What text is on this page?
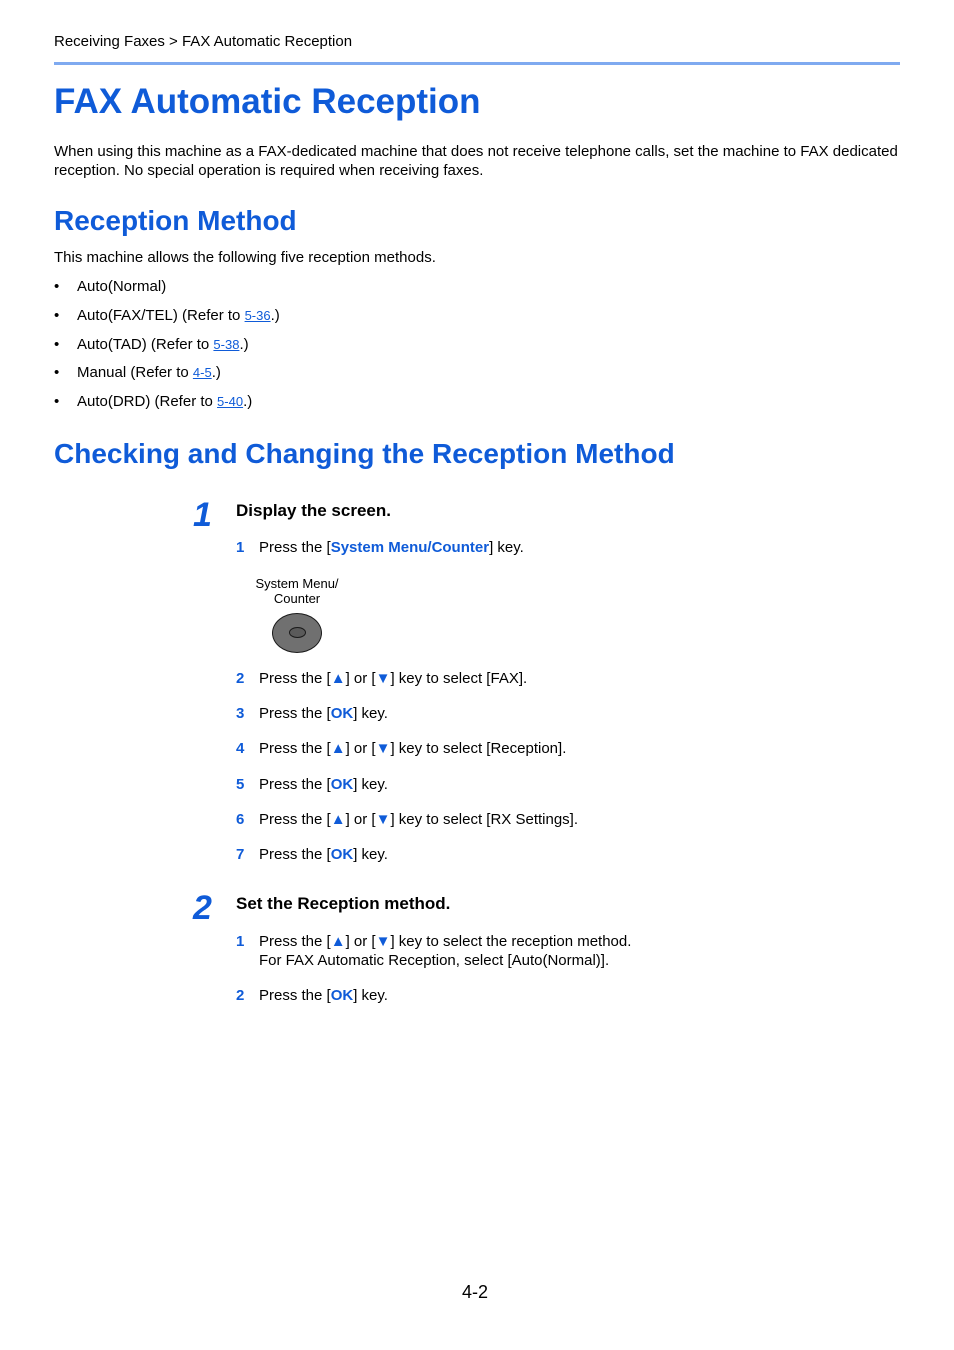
Receiving Faxes > FAX Automatic Reception
FAX Automatic Reception

When using this machine as a FAX-dedicated machine that does not receive telephone calls, set the machine to FAX dedicated reception. No special operation is required when receiving faxes.

Reception Method

This machine allows the following five reception methods.

•	Auto(Normal)
•	Auto(FAX/TEL) (Refer to 5-36.)
•	Auto(TAD) (Refer to 5-38.)
•	Manual (Refer to 4-5.)
•	Auto(DRD) (Refer to 5-40.)
Checking and Changing the Reception Method
1 Display the screen.
1 Press the [System Menu/Counter] key.
System Menu/
Counter
2 Press the [▲] or [▼] key to select [FAX].
3 Press the [OK] key.
4 Press the [▲] or [▼] key to select [Reception].
5 Press the [OK] key.
6 Press the [▲] or [▼] key to select [RX Settings].
7 Press the [OK] key.
2 Set the Reception method.
1 Press the [▲] or [▼] key to select the reception method.
For FAX Automatic Reception, select [Auto(Normal)].
2 Press the [OK] key.
4-2
